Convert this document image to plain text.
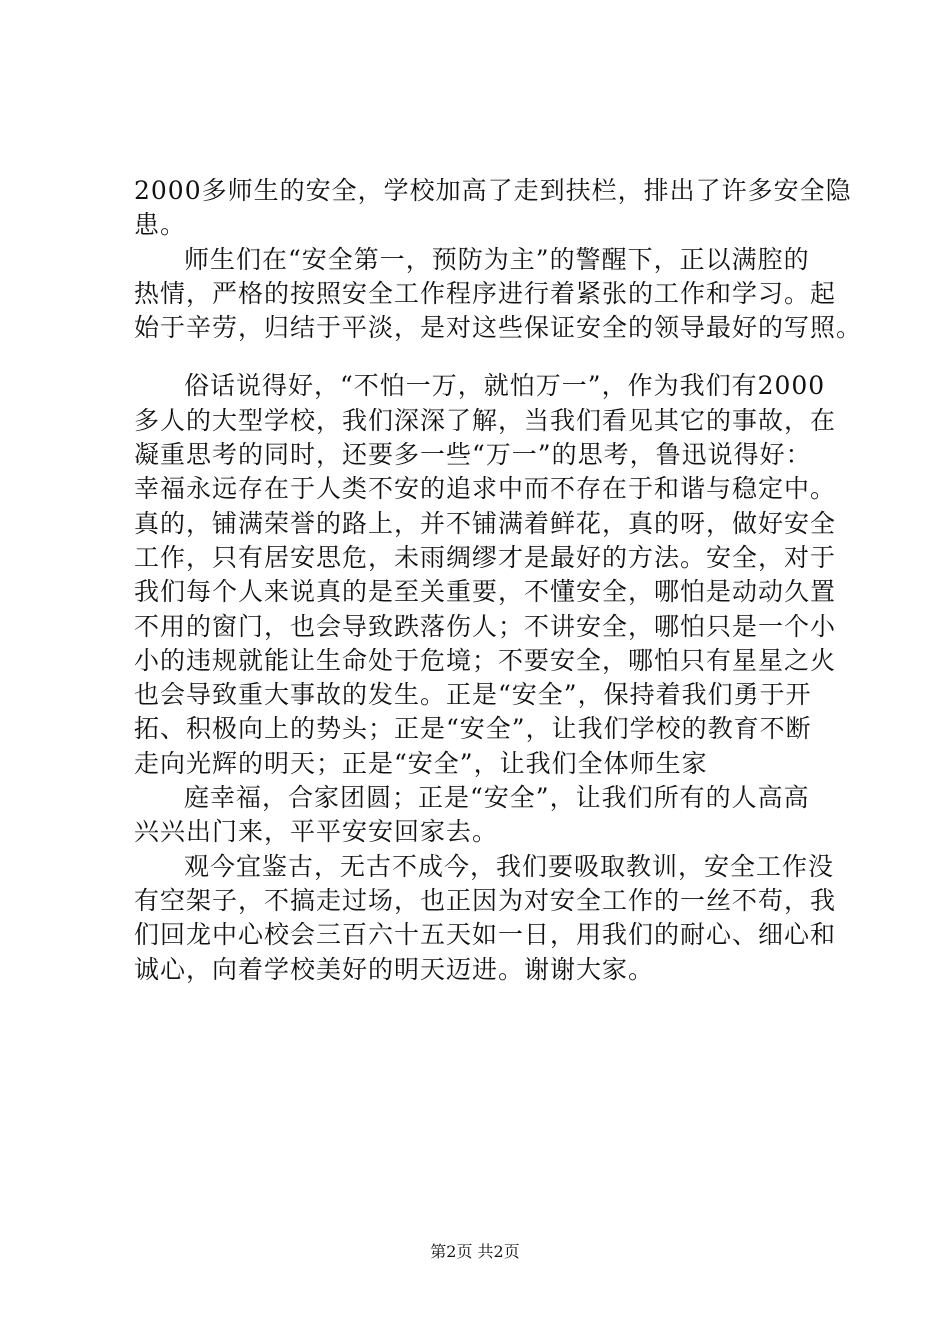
2000多师生的安全，学校加高了走到扶栏，排出了许多安全隐
患。
师生们在“安全第一，预防为主”的警醒下，正以满腔的
热情，严格的按照安全工作程序进行着紧张的工作和学习。起
始于辛劳，归结于平淡，是对这些保证安全的领导最好的写照。
俗话说得好，“不怕一万，就怕万一”，作为我们有2000
多人的大型学校，我们深深了解，当我们看见其它的事故，在
凝重思考的同时，还要多一些“万一”的思考，鲁迅说得好：
幸福永远存在于人类不安的追求中而不存在于和谐与稳定中。
真的，铺满荣誉的路上，并不铺满着鲜花，真的呀，做好安全
工作，只有居安思危，未雨绸缪才是最好的方法。安全，对于
我们每个人来说真的是至关重要，不懂安全，哪怕是动动久置
不用的窗门，也会导致跌落伤人；不讲安全，哪怕只是一个小
小的违规就能让生命处于危境；不要安全，哪怕只有星星之火
也会导致重大事故的发生。正是“安全”，保持着我们勇于开
拓、积极向上的势头；正是“安全”，让我们学校的教育不断
走向光辉的明天；正是“安全”，让我们全体师生家
庭幸福，合家团圆；正是“安全”，让我们所有的人高高
兴兴出门来，平平安安回家去。
观今宜鉴古，无古不成今，我们要吸取教训，安全工作没
有空架子，不搞走过场，也正因为对安全工作的一丝不苟，我
们回龙中心校会三百六十五天如一日，用我们的耐心、细心和
诚心，向着学校美好的明天迈进。谢谢大家。
第2页 共2页
